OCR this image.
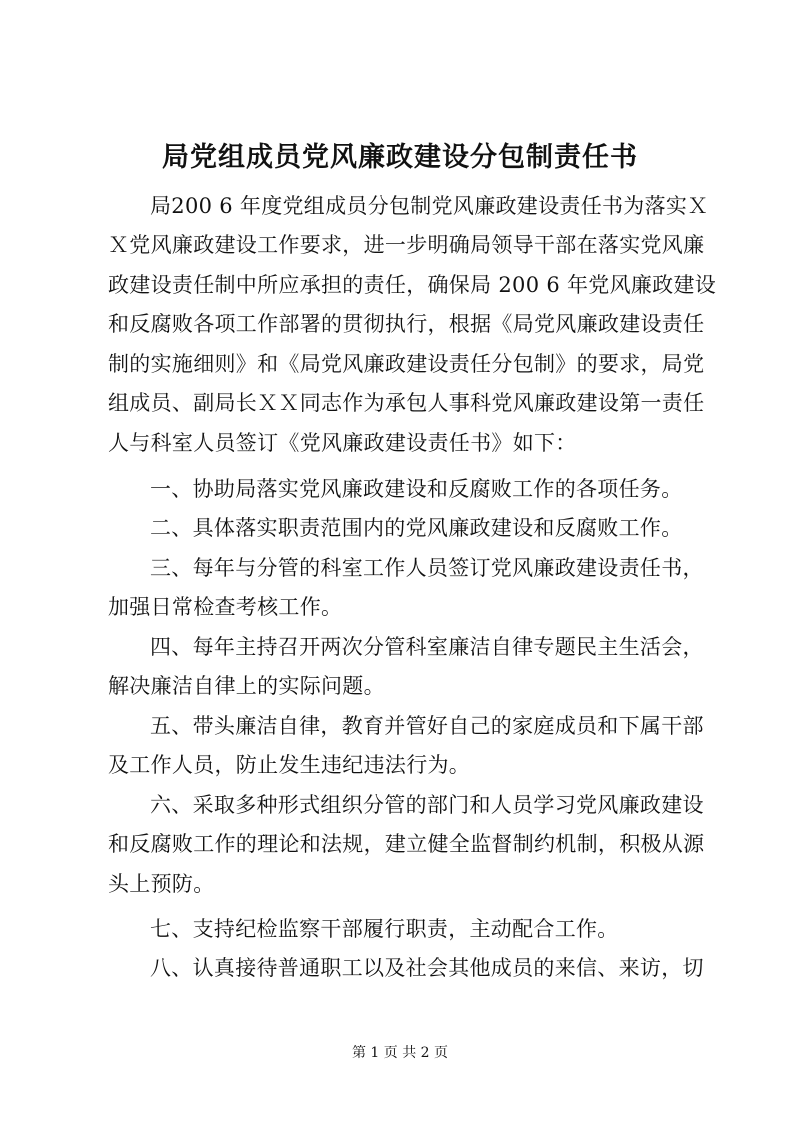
局党组成员党风廉政建设分包制责任书
局200 6 年度党组成员分包制党风廉政建设责任书为落实Ｘ
Ｘ党风廉政建设工作要求，进一步明确局领导干部在落实党风廉
政建设责任制中所应承担的责任，确保局 200 6 年党风廉政建设
和反腐败各项工作部署的贯彻执行，根据《局党风廉政建设责任
制的实施细则》和《局党风廉政建设责任分包制》的要求，局党
组成员、副局长ＸＸ同志作为承包人事科党风廉政建设第一责任
人与科室人员签订《党风廉政建设责任书》如下：
一、协助局落实党风廉政建设和反腐败工作的各项任务。
二、具体落实职责范围内的党风廉政建设和反腐败工作。
三、每年与分管的科室工作人员签订党风廉政建设责任书，
加强日常检查考核工作。
四、每年主持召开两次分管科室廉洁自律专题民主生活会，
解决廉洁自律上的实际问题。
五、带头廉洁自律，教育并管好自己的家庭成员和下属干部
及工作人员，防止发生违纪违法行为。
六、采取多种形式组织分管的部门和人员学习党风廉政建设
和反腐败工作的理论和法规，建立健全监督制约机制，积极从源
头上预防。
七、支持纪检监察干部履行职责，主动配合工作。
八、认真接待普通职工以及社会其他成员的来信、来访，切
第 1 页 共 2 页
